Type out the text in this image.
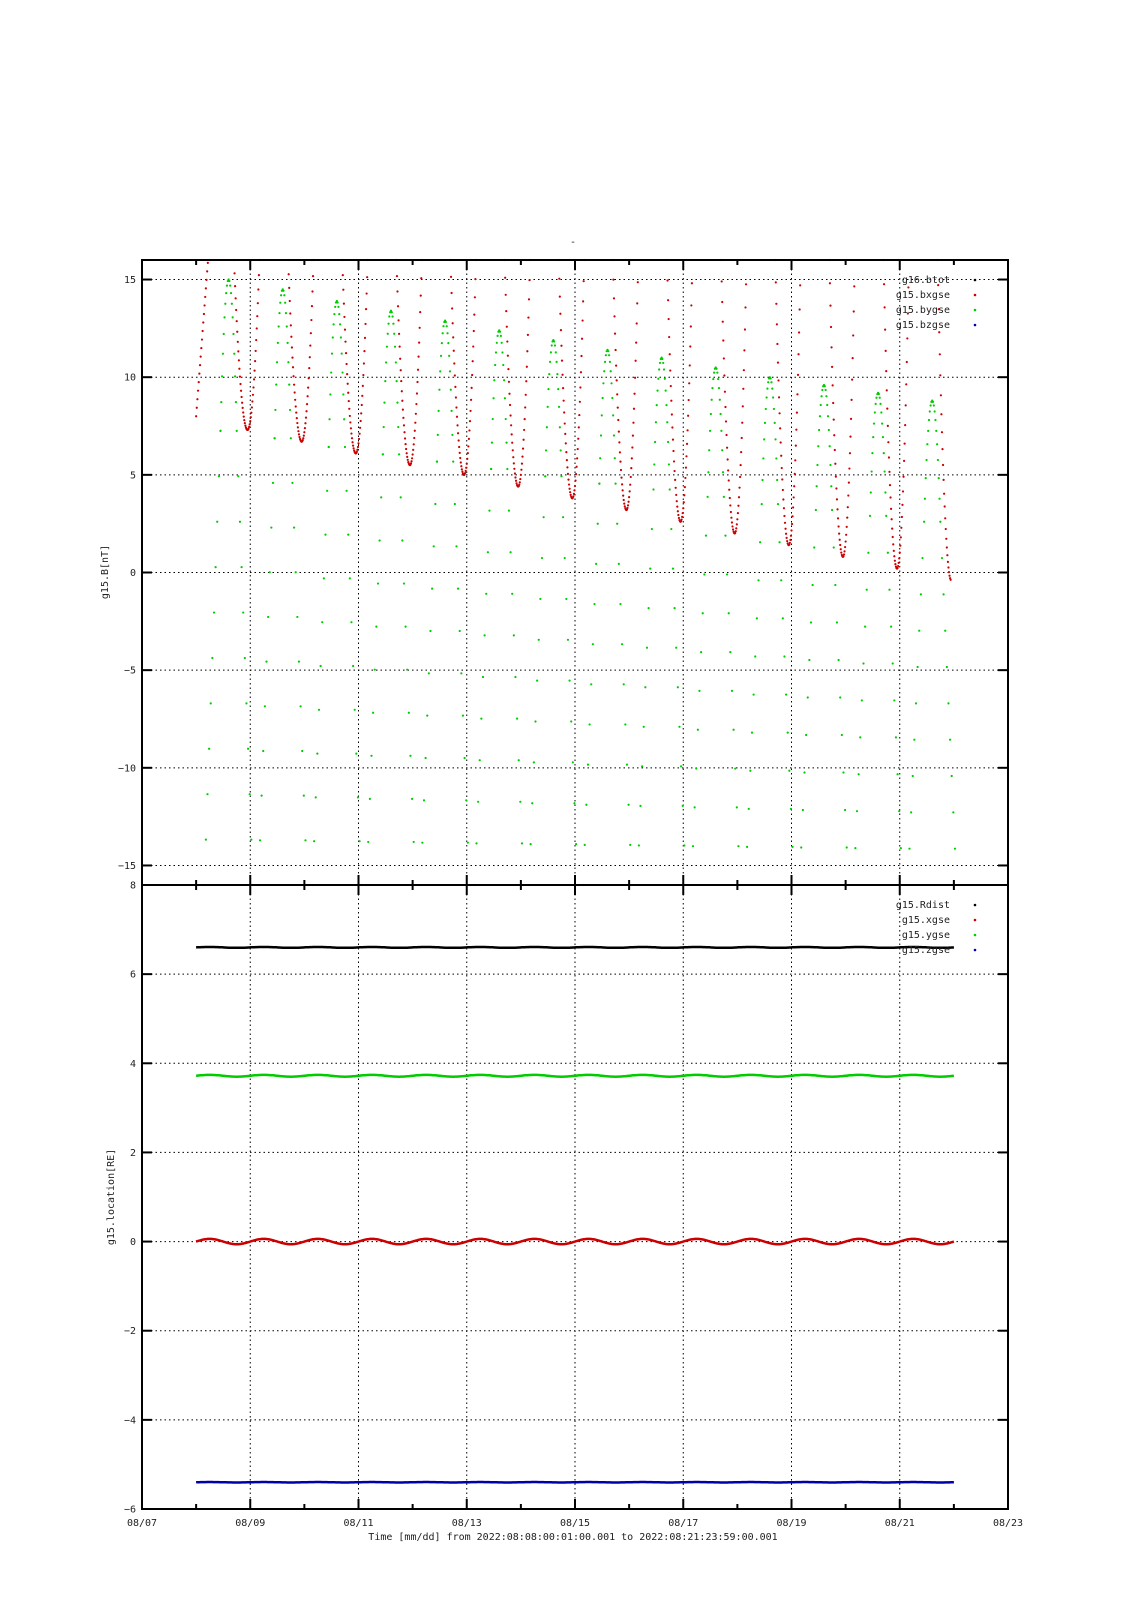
-
15
10
5
0
−5
−10
−15
g16.btot
g15.bxgse
g15.bygse
g15.bzgse
g15.B[nT]
8
6
4
2
0
−2
−4
−6
08/07	08/09	08/11	08/13	08/15	08/17	08/19	08/21	08/23
g15.Rdist
g15.xgse
g15.ygse
g15.zgse
g15.location[RE]
Time [mm/dd] from 2022:08:08:00:01:00.001 to 2022:08:21:23:59:00.001
